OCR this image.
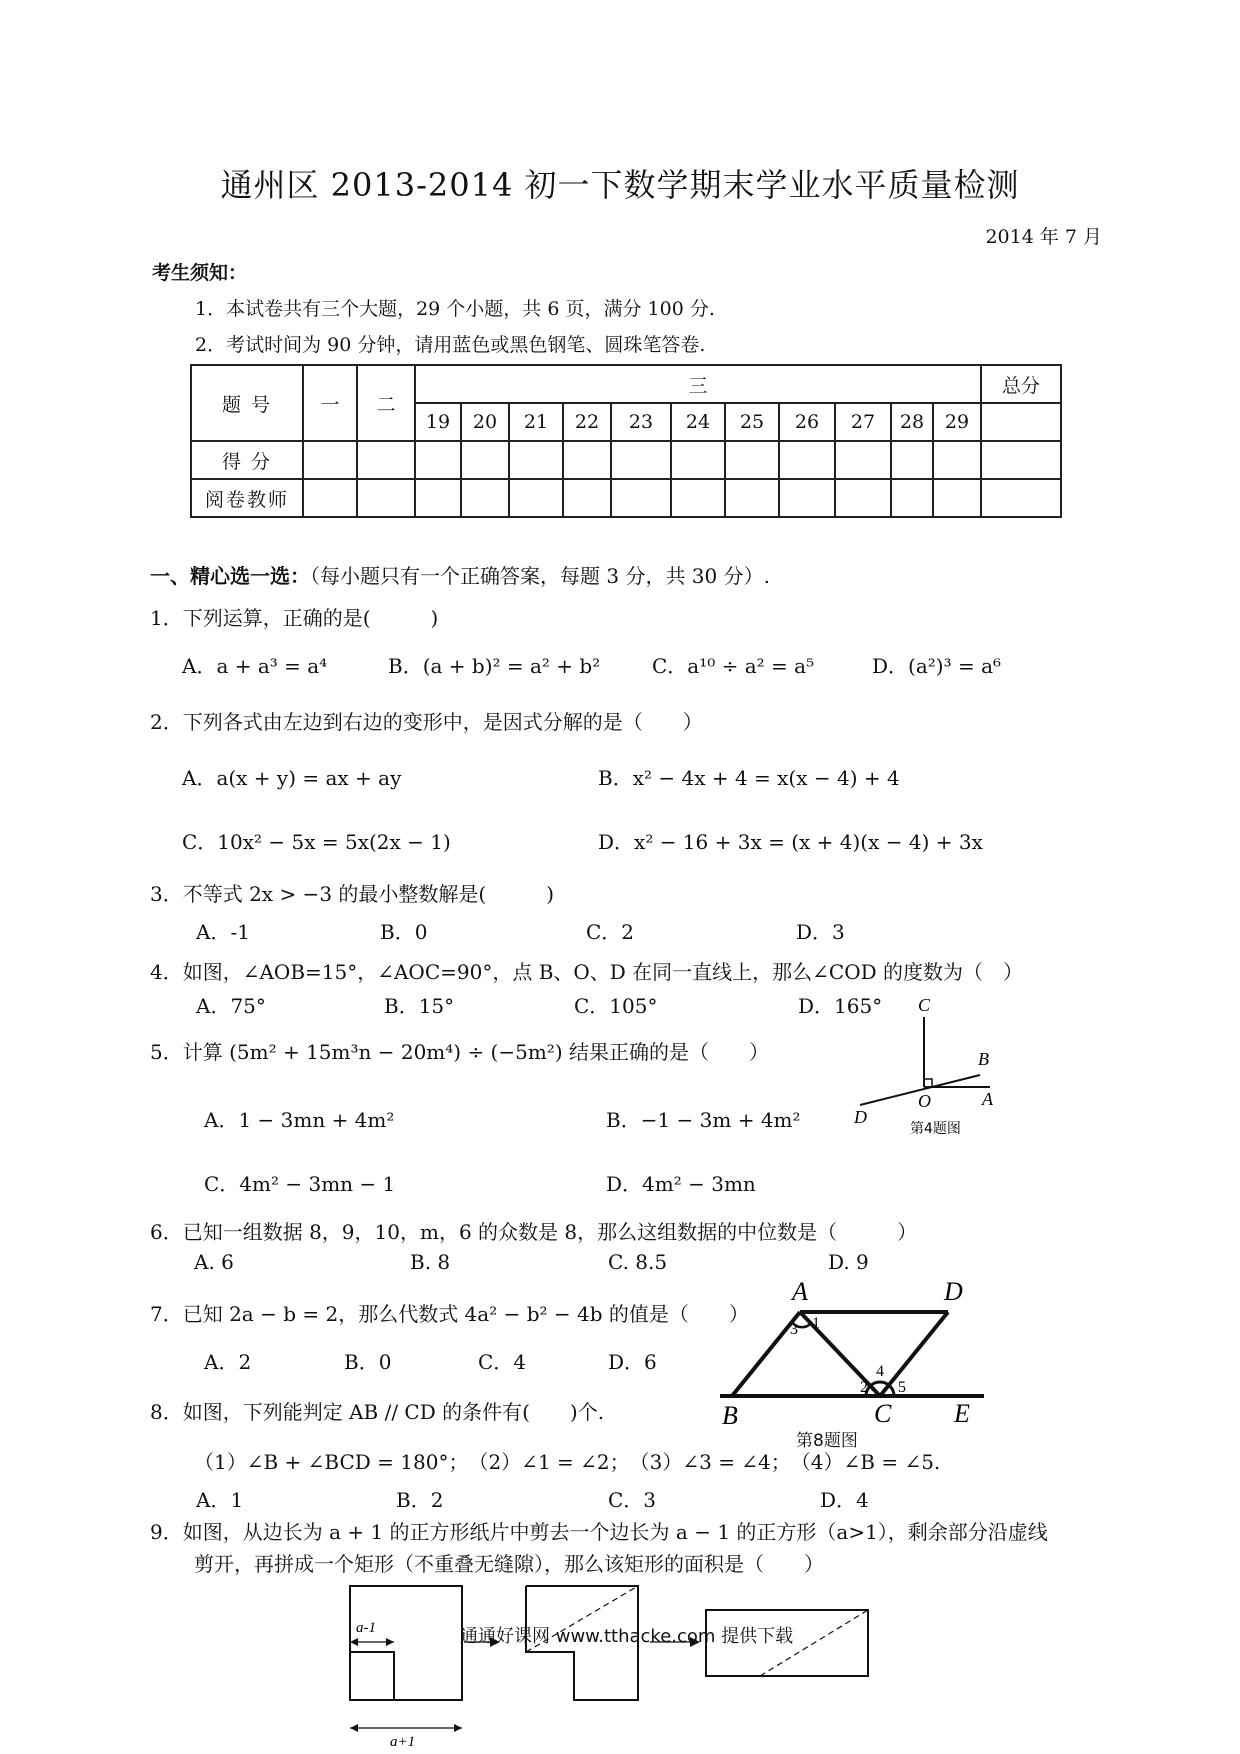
通州区 2013-2014 初一下数学期末学业水平质量检测
2014 年 7 月
考生须知：
1．本试卷共有三个大题，29 个小题，共 6 页，满分 100 分.
2．考试时间为 90 分钟，请用蓝色或黑色钢笔、圆珠笔答卷.
题 号	一	二	三											总分
			19	20	21	22	23	24	25	26	27	28	29	
得 分														
阅卷教师														
一、精心选一选：（每小题只有一个正确答案，每题 3 分，共 30 分）.
1．下列运算，正确的是(　　　)
A．a + a³ = a⁴	B．(a + b)² = a² + b²	C．a¹⁰ ÷ a² = a⁵	D．(a²)³ = a⁶
2．下列各式由左边到右边的变形中，是因式分解的是（　　）
A．a(x + y) = ax + ay	B．x² − 4x + 4 = x(x − 4) + 4
C．10x² − 5x = 5x(2x − 1)	D．x² − 16 + 3x = (x + 4)(x − 4) + 3x
3．不等式 2x > −3 的最小整数解是(　　　)
A．-1	B．0	C．2	D．3
4．如图，∠AOB=15°，∠AOC=90°，点 B、O、D 在同一直线上，那么∠COD 的度数为（　）
A．75°	B．15°	C．105°	D．165° C
B
A
O
D
第4题图
5．计算 (5m² + 15m³n − 20m⁴) ÷ (−5m²) 结果正确的是（　　）
A．1 − 3mn + 4m²	B．−1 − 3m + 4m²
C．4m² − 3mn − 1	D．4m² − 3mn
6．已知一组数据 8，9，10，m，6 的众数是 8，那么这组数据的中位数是（　　　）
A. 6	B. 8	C. 8.5	D. 9
7．已知 2a − b = 2，那么代数式 4a² − b² − 4b 的值是（　　）
A．2	B．0	C．4	D．6
A	D
B	C E
1
2
3
4
5
第8题图
8．如图，下列能判定 AB // CD 的条件有(　　)个.
（1）∠B + ∠BCD = 180°；　（2）∠1 = ∠2；　（3）∠3 = ∠4；　（4）∠B = ∠5.
A．1	B．2	C．3	D．4
9．如图，从边长为 a + 1 的正方形纸片中剪去一个边长为 a − 1 的正方形（a>1），剩余部分沿虚线
剪开，再拼成一个矩形（不重叠无缝隙），那么该矩形的面积是（　　）
a-1
a+1
通通好课网 www.tthacke.com 提供下载
